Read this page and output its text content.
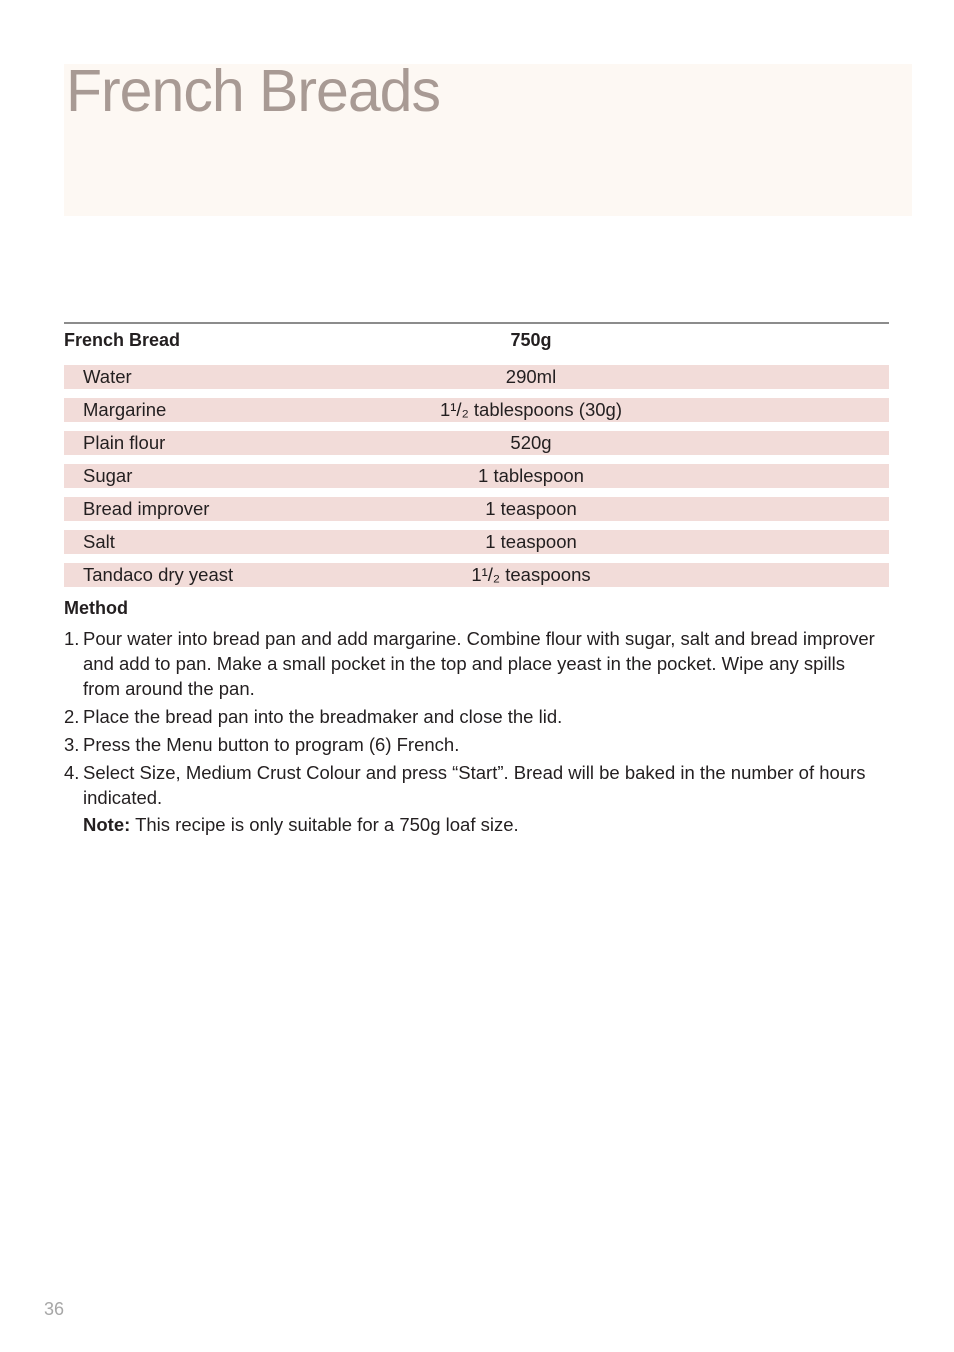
French Breads
French Bread	750g
Water	290ml
Margarine	1¹/₂ tablespoons (30g)
Plain flour	520g
Sugar	1 tablespoon
Bread improver	1 teaspoon
Salt	1 teaspoon
Tandaco dry yeast	1¹/₂ teaspoons
Method
1. Pour water into bread pan and add margarine. Combine flour with sugar, salt and bread improver and add to pan. Make a small pocket in the top and place yeast in the pocket. Wipe any spills from around the pan.
2. Place the bread pan into the breadmaker and close the lid.
3. Press the Menu button to program (6) French.
4. Select Size, Medium Crust Colour and press “Start”. Bread will be baked in the number of hours indicated.

Note: This recipe is only suitable for a 750g loaf size.

36
